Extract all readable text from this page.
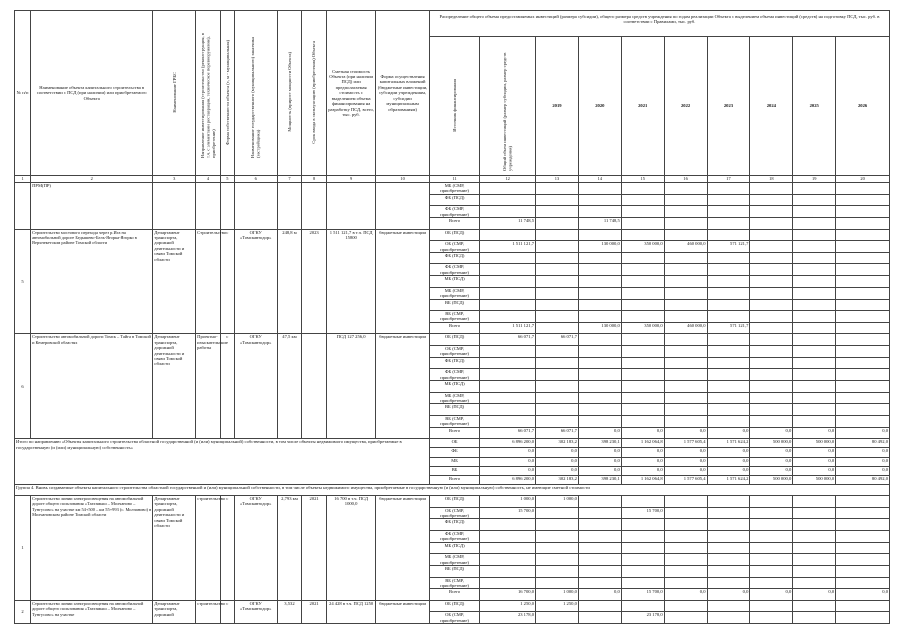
№ п/п	Наименование объекта капитального строительства в соответствии с ПСД (при наличии) или приобретаемого Объекта	Наименование ГРБС	Направление инвестирования (строительство (реконструкция, в т.ч. с элементами реставрации, техническое перевооружение), приобретение)	Форма собственности объекта (с, м - муниципальная)	Наименование государственного (муниципального) заказчика (застройщика)	Мощность (прирост мощности Объекта)	Срок ввода в эксплуатацию (приобретения) Объекта	Сметная стоимость Объекта (при наличии ПСД) или предполагаемая стоимость с выделением объема финансирования на разработку ПСД, всего, тыс. руб.	Форма осуществления капитальных вложений (бюджетные инвестиции, субсидии учреждениям, субсидии муниципальным образованиям)	Распределение общего объема предоставляемых инвестиций (размера субсидии), общего размера средств учреждения по годам реализации Объекта с выделением объема инвестиций (средств) на подготовку ПСД, тыс. руб. в соответствии с Правилами, тыс. руб.									
										Источник финансирования	Общий объем инвестиций (размер субсидии, размер средств учреждения)	2019	2020	2021	2022	2023	2024	2025	2026
1	2	3	4	5	6	7	8	9	10	11	12	13	14	15	16	17	18	19	20
	ПРМ(ПР)									МБ (СМР, приобретение)									
										ФБ (ПСД)									
										ФБ (СМР, приобретение)									
										Всего	11 748,5		11 748,5						
5	Строительство мостового перехода через р.Ига на автомобильной дороге Бедышево-Бель-Ягорка-Ягорко в Верхнекетском районе Томской области	Департамент транспорта, дорожной деятельности и связи Томской области	Строительство	с	ОГКУ «Томскавтодор»	248,8 м	2023	1 511 121,7 в т.ч. ПСД 15800	бюджетные инвестиции	ОБ (ПСД)									
										ОБ (СМР, приобретение)	1 511 121,7		130 000,0	350 000,0	460 000,0	571 121,7			
										ФБ (ПСД)									
										ФБ (СМР, приобретение)									
										МБ (ПСД)									
										МБ (СМР, приобретение)									
										ВБ (ПСД)									
										ВБ (СМР, приобретение)									
										Всего	1 511 121,7		130 000,0	350 000,0	460 000,0	571 121,7			
6	Строительство автомобильной дороги Томск – Тайга в Томской и Кемеровской областях	Департамент транспорта, дорожной деятельности и связи Томской области	Проектно-изыскательские работы	с	ОГКУ «Томскавтодор»	47,5 км		ПСД 127 256,0	бюджетные инвестиции	ОБ (ПСД)	66 071,7	66 071,7							
										ОБ (СМР, приобретение)									
										ФБ (ПСД)									
										ФБ (СМР, приобретение)									
										МБ (ПСД)									
										МБ (СМР, приобретение)									
										ВБ (ПСД)									
										ВБ (СМР, приобретение)									
										Всего	66 071,7	66 071,7	0,0	0,0	0,0	0,0	0,0	0,0	0,0
Итого по направлению «Объекты капитального строительства областной государственной (и (или) муниципальной) собственности, в том числе объекты недвижимого имущества, приобретаемые в государственную (и (или) муниципальную) собственность»										ОБ	6 896 200,0	302 183,2	398 230,1	1 162 064,8	1 577 605,4	1 571 624,2	500 000,0	500 000,0	80 492,0
										ФБ	0,0	0,0	0,0	0,0	0,0	0,0	0,0	0,0	0,0
										МБ	0,0	0,0	0,0	0,0	0,0	0,0	0,0	0,0	0,0
										ВБ	0,0	0,0	0,0	0,0	0,0	0,0	0,0	0,0	0,0
										Всего	6 896 200,0	302 183,2	398 230,1	1 162 064,8	1 577 605,4	1 571 624,2	500 000,0	500 000,0	80 492,0
Группа 4. Вновь создаваемые объекты капитального строительства областной государственной и (или) муниципальной собственности, в том числе объекты недвижимого имущества, приобретаемые в государственную (и (или) муниципальную) собственность, не имеющие сметной стоимости																			
1	Строительство линии электроосвещения на автомобильной дороге общего пользования «Тахтамыш – Молчаново – Тунгусово» на участке км 54+500 – км 55+993 (с. Молчаново) в Молчановском районе Томской области	Департамент транспорта, дорожной деятельности и связи Томской области	строительство	с	ОГКУ «Томскавтодор»	2,793 км	2021	16 700 в т.ч. ПСД 1000,0	бюджетные инвестиции	ОБ (ПСД)	1 000,0	1 000,0							
										ОБ (СМР, приобретение)	15 700,0			15 700,0					
										ФБ (ПСД)									
										ФБ (СМР, приобретение)									
										МБ (ПСД)									
										МБ (СМР, приобретение)									
										ВБ (ПСД)									
										ВБ (СМР, приобретение)									
										Всего	16 700,0	1 000,0	0,0	15 700,0	0,0	0,0	0,0	0,0	0,0
2	Строительство линии электроосвещения на автомобильной дороге общего пользования «Тахтамыш – Молчаново – Тунгусово» на участке	Департамент транспорта, дорожной	строительство	с	ОГКУ «Томскавтодор»	3,532	2021	24 428 в т.ч. ПСД 1250	бюджетные инвестиции	ОБ (ПСД)	1 250,0	1 250,0							
										ОБ (СМР, приобретение)	23 178,0			23 178,0					
